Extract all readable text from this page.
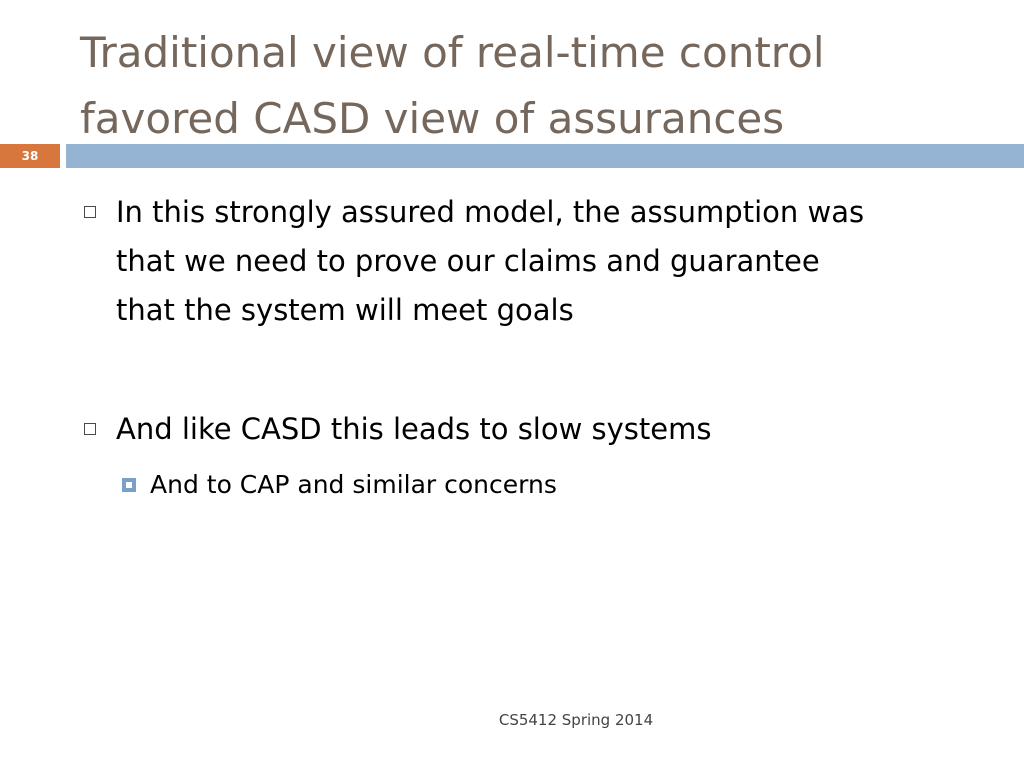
Traditional view of real-time control
favored CASD view of assurances
38
In this strongly assured model, the assumption was
that we need to prove our claims and guarantee
that the system will meet goals
And like CASD this leads to slow systems
And to CAP and similar concerns
CS5412 Spring 2014
